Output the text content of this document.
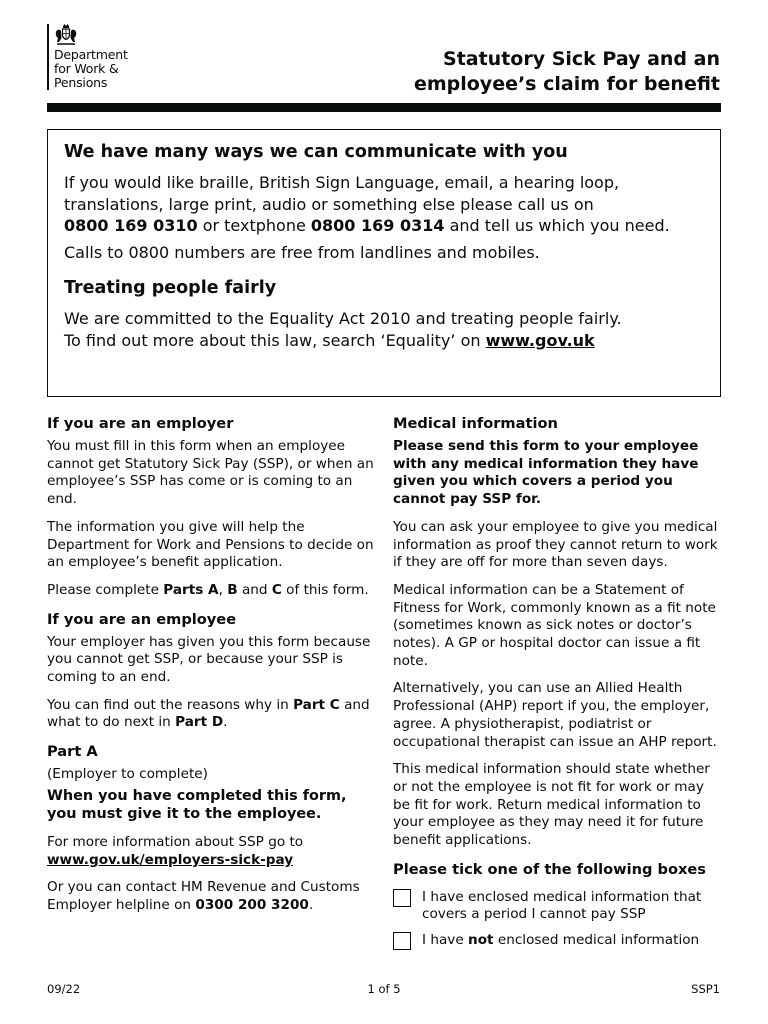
Department
for Work &
Pensions
Statutory Sick Pay and an
employee’s claim for benefit
We have many ways we can communicate with you

If you would like braille, British Sign Language, email, a hearing loop, translations, large print, audio or something else please call us on
0800 169 0310 or textphone 0800 169 0314 and tell us which you need.

Calls to 0800 numbers are free from landlines and mobiles.

Treating people fairly

We are committed to the Equality Act 2010 and treating people fairly.
To find out more about this law, search ‘Equality’ on www.gov.uk

If you are an employer

You must fill in this form when an employee cannot get Statutory Sick Pay (SSP), or when an employee’s SSP has come or is coming to an end.

The information you give will help the Department for Work and Pensions to decide on an employee’s benefit application.

Please complete Parts A, B and C of this form.

If you are an employee

Your employer has given you this form because you cannot get SSP, or because your SSP is coming to an end.

You can find out the reasons why in Part C and what to do next in Part D.

Part A

(Employer to complete)

When you have completed this form, you must give it to the employee.

For more information about SSP go to
www.gov.uk/employers-sick-pay

Or you can contact HM Revenue and Customs Employer helpline on 0300 200 3200.

Medical information

Please send this form to your employee with any medical information they have given you which covers a period you cannot pay SSP for.

You can ask your employee to give you medical information as proof they cannot return to work if they are off for more than seven days.

Medical information can be a Statement of Fitness for Work, commonly known as a fit note (sometimes known as sick notes or doctor’s notes). A GP or hospital doctor can issue a fit note.

Alternatively, you can use an Allied Health Professional (AHP) report if you, the employer, agree. A physiotherapist, podiatrist or occupational therapist can issue an AHP report.

This medical information should state whether or not the employee is not fit for work or may be fit for work. Return medical information to your employee as they may need it for future benefit applications.

Please tick one of the following boxes
I have enclosed medical information that covers a period I cannot pay SSP
I have not enclosed medical information
09/22	1 of 5	SSP1
